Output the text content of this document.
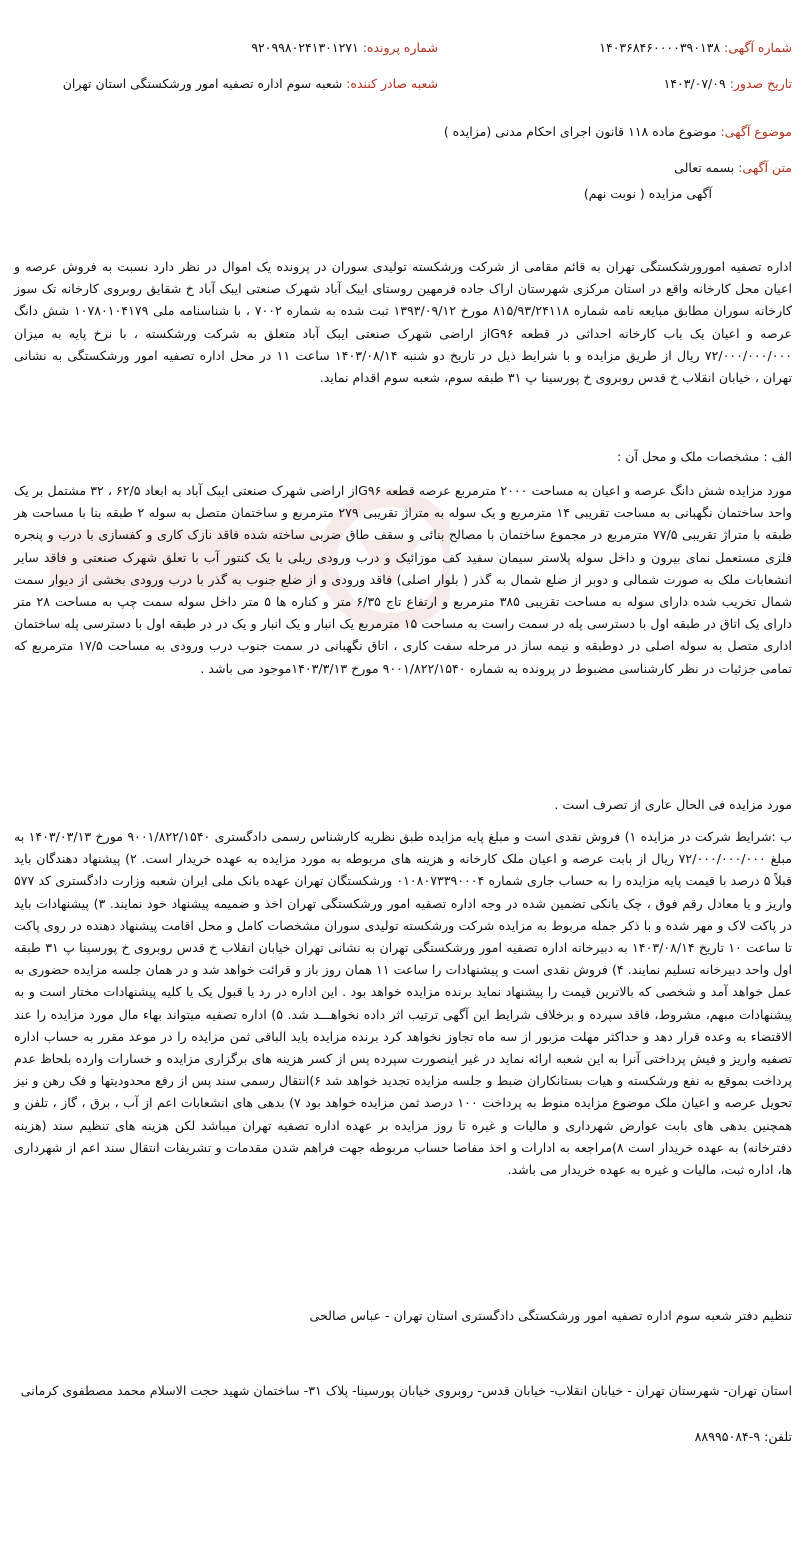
شماره آگهی: ۱۴۰۳۶۸۴۶۰۰۰۰۳۹۰۱۳۸
شماره پرونده: ۹۲۰۹۹۸۰۲۴۱۳۰۱۲۷۱
تاریخ صدور: ۱۴۰۳/۰۷/۰۹
شعبه صادر کننده: شعبه سوم اداره تصفیه امور ورشکستگی استان تهران
موضوع آگهی: موضوع ماده ۱۱۸ قانون اجرای احکام مدنی (مزایده )
متن آگهی: بسمه تعالی
آگهی مزایده ( نوبت نهم)

اداره تصفیه امورورشکستگی تهران به قائم مقامی از شرکت ورشکسته تولیدی سوران در پرونده یک اموال در نظر دارد نسبت به فروش عرصه و اعیان محل کارخانه واقع در استان مرکزی شهرستان اراک جاده فرمهین روستای ایبک آباد شهرک صنعتی ایبک آباد خ شقایق روبروی کارخانه تک سوز کارخانه سوران مطابق مبایعه نامه شماره ۸۱۵/۹۳/۲۴۱۱۸ مورخ ۱۳۹۳/۰۹/۱۲ ثبت شده به شماره ۷۰۰۲ ، با شناسنامه ملی ۱۰۷۸۰۱۰۴۱۷۹ شش دانگ عرصه و اعیان یک باب کارخانه احداثی در قطعه G۹۶از اراضی شهرک صنعتی ایبک آباد متعلق به شرکت ورشکسته ، با نرخ پایه به میزان ۷۲/۰۰۰/۰۰۰/۰۰۰ ریال از طریق مزایده و با شرایط ذیل در تاریخ دو شنبه ۱۴۰۳/۰۸/۱۴ ساعت ۱۱ در محل اداره تصفیه امور ورشکستگی به نشانی تهران ، خیابان انقلاب خ قدس روبروی خ پورسینا پ ۳۱ طبقه سوم، شعبه سوم اقدام نماید.

الف : مشخصات ملک و محل آن :

مورد مزایده شش دانگ عرصه و اعیان به مساحت ۲۰۰۰ مترمربع عرصه قطعه G۹۶از اراضی شهرک صنعتی ایبک آباد به ابعاد ۶۲/۵ ، ۳۲ مشتمل بر یک واحد ساختمان نگهبانی به مساحت تقریبی ۱۴ مترمربع و یک سوله به متراژ تقریبی ۲۷۹ مترمربع و ساختمان متصل به سوله ۲ طبقه بنا با مساحت هر طبقه با متراژ تقریبی ۷۷/۵ مترمربع در مجموع ساختمان با مصالح بنائی و سقف طاق ضربی ساخته شده فاقد نازک کاری و کفسازی با درب و پنجره فلزی مستعمل نمای بیرون و داخل سوله پلاستر سیمان سفید کف موزائیک و درب ورودی ریلی با یک کنتور آب با تعلق شهرک صنعتی و فاقد سایر انشعابات ملک به صورت شمالی و دوبر از ضلع شمال به گذر ( بلوار اصلی) فاقد ورودی و از ضلع جنوب به گذر با درب ورودی بخشی از دیوار سمت شمال تخریب شده دارای سوله به مساحت تقریبی ۳۸۵ مترمربع و ارتفاع تاج ۶/۳۵ متر و کناره ها ۵ متر داخل سوله سمت چپ به مساحت ۲۸ متر دارای یک اتاق در طبقه اول با دسترسی پله در سمت راست به مساحت ۱۵ مترمربع یک انبار و یک انبار و یک در در طبقه اول با دسترسی پله ساختمان اداری متصل به سوله اصلی در دوطبقه و نیمه ساز در مرحله سفت کاری ، اتاق نگهبانی در سمت جنوب درب ورودی به مساحت ۱۷/۵ مترمربع که تمامی جزئیات در نظر کارشناسی مضبوط در پرونده به شماره ۹۰۰۱/۸۲۲/۱۵۴۰ مورخ ۱۴۰۳/۳/۱۳موجود می باشد .

مورد مزایده فی الحال عاری از تصرف است .

ب :شرایط شرکت در مزایده ۱) فروش نقدی است و مبلغ پایه مزایده طبق نظریه کارشناس رسمی دادگستری ۹۰۰۱/۸۲۲/۱۵۴۰ مورخ ۱۴۰۳/۰۳/۱۳ به مبلغ ۷۲/۰۰۰/۰۰۰/۰۰۰ ریال از بابت عرصه و اعیان ملک کارخانه و هزینه های مربوطه به مورد مزایده به عهده خریدار است. ۲) پیشنهاد دهندگان باید قبلاً ۵ درصد با قیمت پایه مزایده را به حساب جاری شماره ۰۱۰۸۰۷۳۳۹۰۰۰۴ ورشکستگان تهران عهده بانک ملی ایران شعبه وزارت دادگستری کد ۵۷۷ واریز و یا معادل رقم فوق ، چک بانکی تضمین شده در وجه اداره تصفیه امور ورشکستگی تهران اخذ و ضمیمه پیشنهاد خود نمایند. ۳) پیشنهادات باید در پاکت لاک و مهر شده و با ذکر جمله مربوط به مزایده شرکت ورشکسته تولیدی سوران مشخصات کامل و محل اقامت پیشنهاد دهنده در روی پاکت تا ساعت ۱۰ تاریخ ۱۴۰۳/۰۸/۱۴ به دبیرخانه اداره تصفیه امور ورشکستگی تهران به نشانی تهران خیابان انقلاب خ قدس روبروی خ پورسینا پ ۳۱ طبقه اول واحد دبیرخانه تسلیم نمایند. ۴) فروش نقدی است و پیشنهادات را ساعت ۱۱ همان روز باز و قرائت خواهد شد و در همان جلسه مزایده حضوری به عمل خواهد آمد و شخصی که بالاترین قیمت را پیشنهاد نماید برنده مزایده خواهد بود . این اداره در رد یا قبول یک یا کلیه پیشنهادات مختار است و به پیشنهادات مبهم، مشروط، فاقد سپرده و برخلاف شرایط این آگهی ترتیب اثر داده نخواهـــد شد. ۵) اداره تصفیه میتواند بهاء مال مورد مزایده را عند الاقتضاء به وعده قرار دهد و حداکثر مهلت مزبور از سه ماه تجاوز نخواهد کرد برنده مزایده باید الباقی ثمن مزایده را در موعد مقرر به حساب اداره تصفیه واریز و فیش پرداختی آنرا به این شعبه ارائه نماید در غیر اینصورت سپرده پس از کسر هزینه های برگزاری مزایده و خسارات وارده بلحاظ عدم پرداخت بموقع به نفع ورشکسته و هیات بستانکاران ضبط و جلسه مزایده تجدید خواهد شد ۶)انتقال رسمی سند پس از رفع محدودیتها و فک رهن و نیز تحویل عرصه و اعیان ملک موضوع مزایده منوط به پرداخت ۱۰۰ درصد ثمن مزایده خواهد بود ۷) بدهی های انشعابات اعم از آب ، برق ، گاز ، تلفن و همچنین بدهی های بابت عوارض شهرداری و مالیات و غیره تا روز مزایده بر عهده اداره تصفیه تهران میباشد لکن هزینه های تنظیم سند (هزینه دفترخانه) به عهده خریدار است ۸)مراجعه به ادارات و اخذ مفاصا حساب مربوطه جهت فراهم شدن مقدمات و تشریفات انتقال سند اعم از شهرداری ها، اداره ثبت، مالیات و غیره به عهده خریدار می باشد.

تنظیم دفتر شعبه سوم اداره تصفیه امور ورشکستگی دادگستری استان تهران - عباس صالحی
استان تهران- شهرستان تهران - خیابان انقلاب- خیابان قدس- روبروی خیابان پورسینا- پلاک ۳۱- ساختمان شهید حجت الاسلام محمد مصطفوی کرمانی
تلفن: ۹-۸۸۹۹۵۰۸۴
